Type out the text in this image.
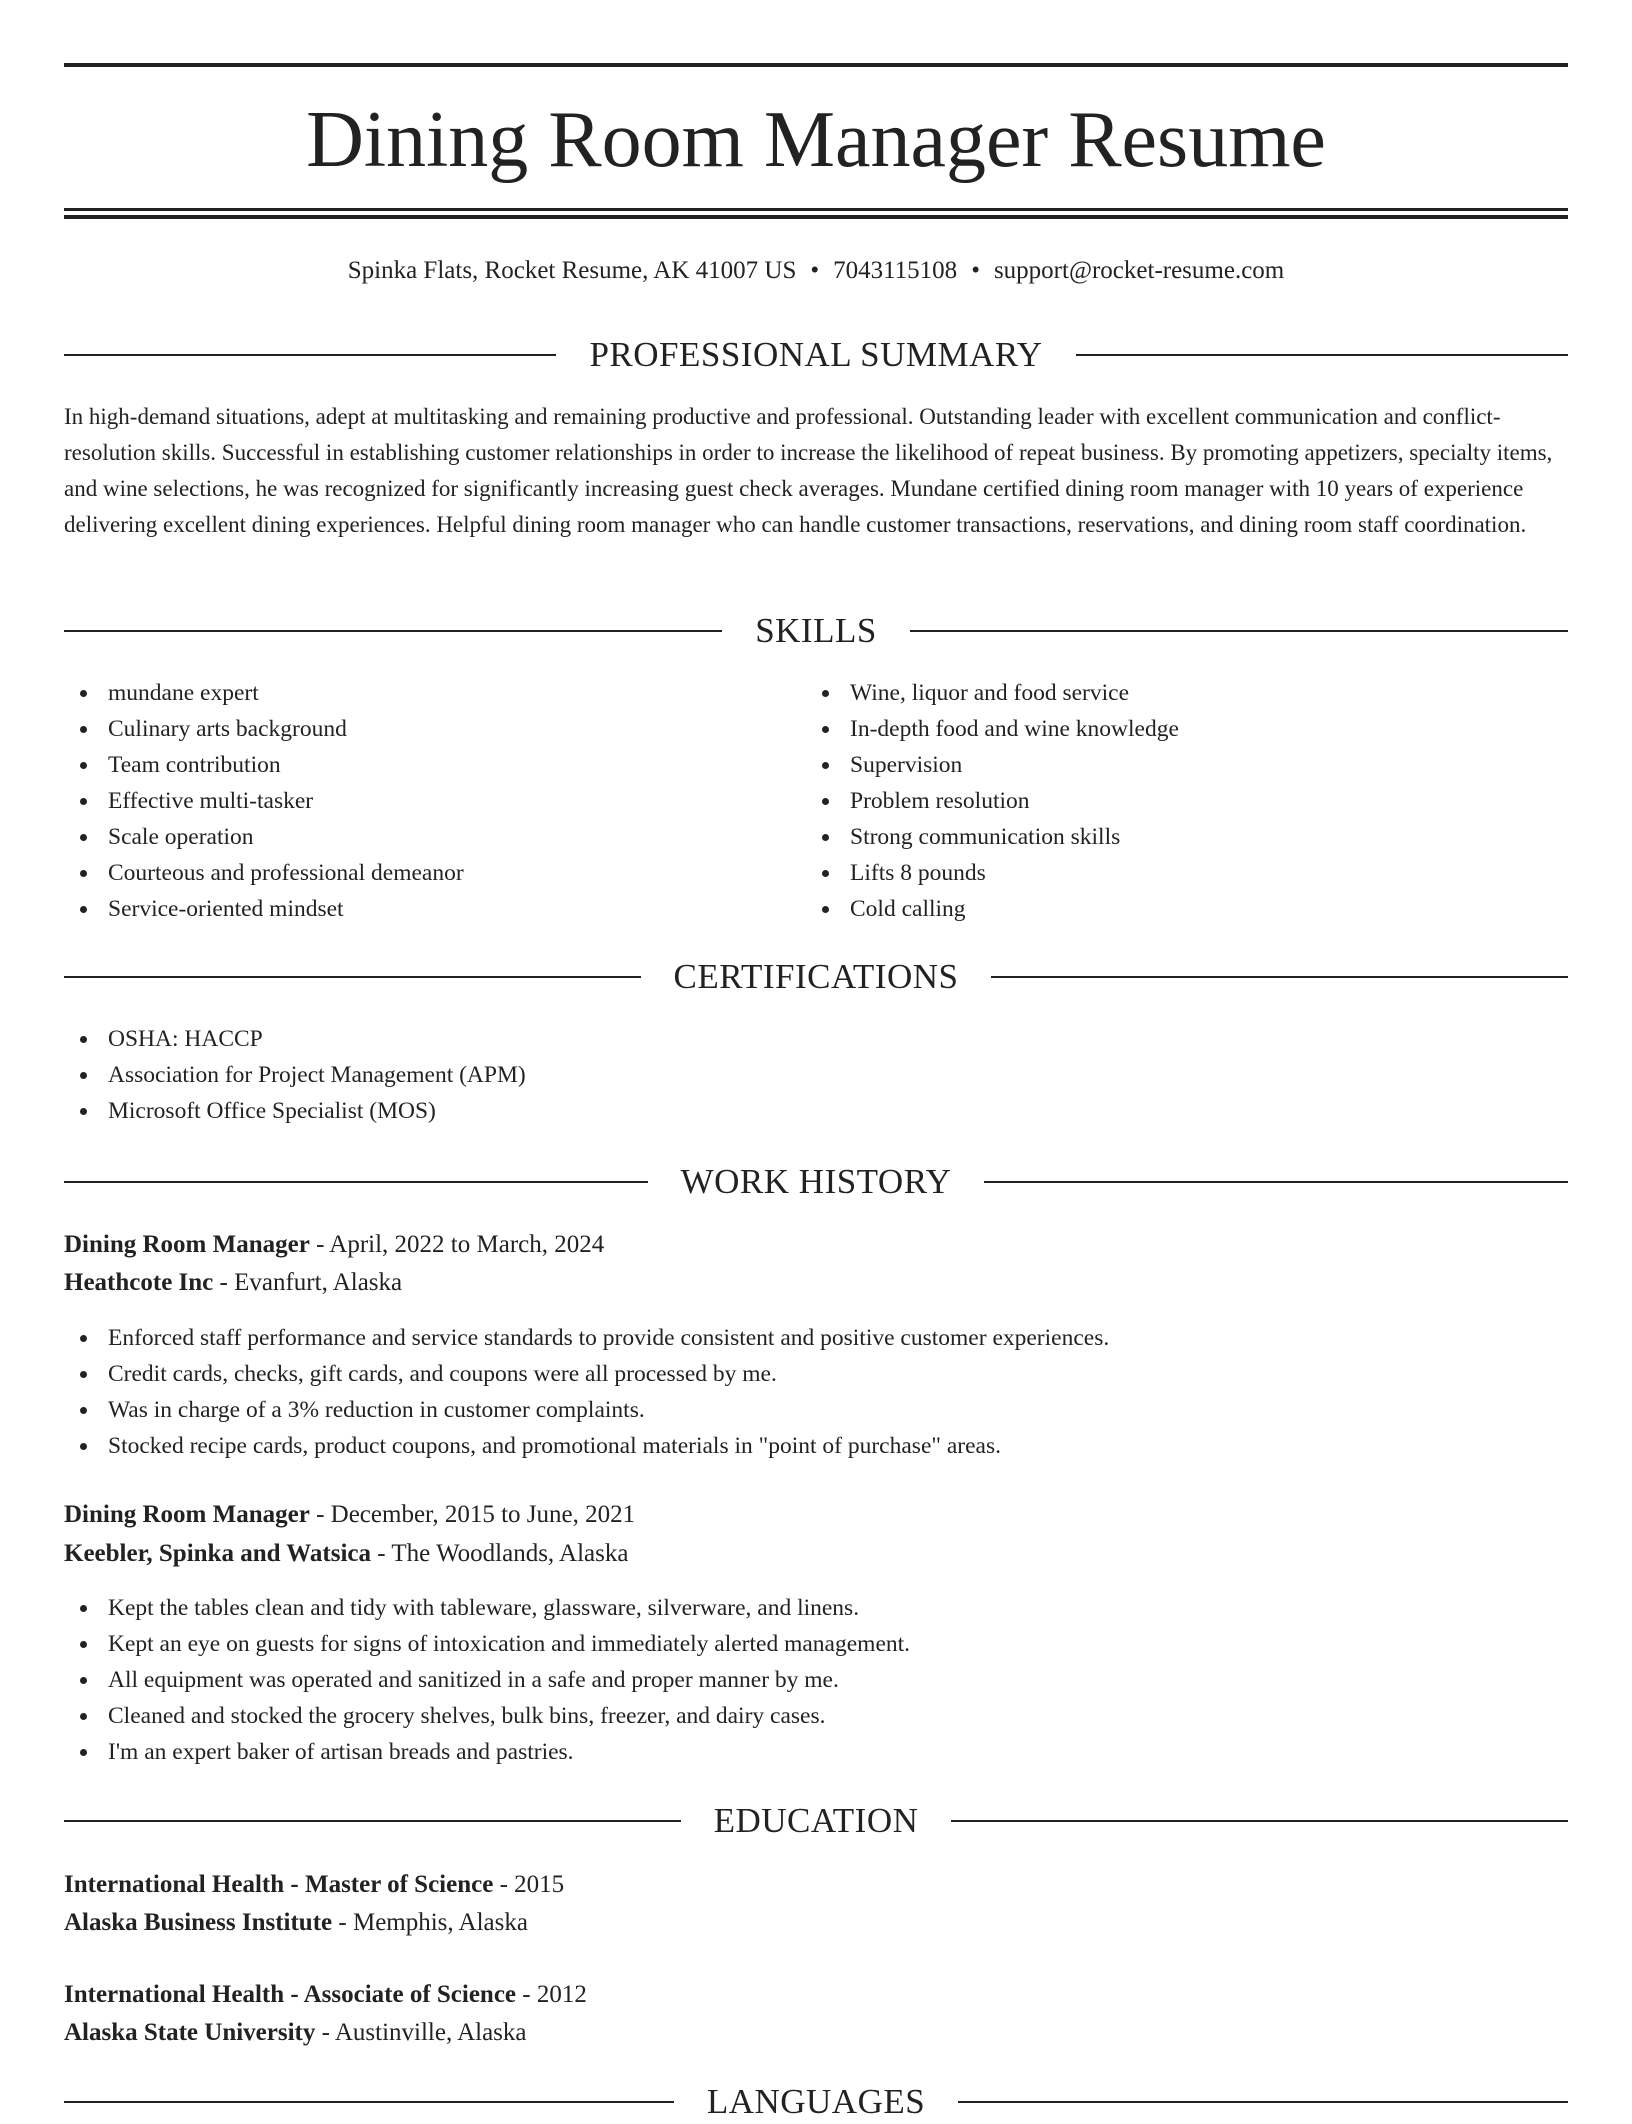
Dining Room Manager Resume
Spinka Flats, Rocket Resume, AK 41007 US • 7043115108 • support@rocket-resume.com
PROFESSIONAL SUMMARY

In high-demand situations, adept at multitasking and remaining productive and professional. Outstanding leader with excellent communication and conflict-resolution skills. Successful in establishing customer relationships in order to increase the likelihood of repeat business. By promoting appetizers, specialty items, and wine selections, he was recognized for significantly increasing guest check averages. Mundane certified dining room manager with 10 years of experience delivering excellent dining experiences. Helpful dining room manager who can handle customer transactions, reservations, and dining room staff coordination.

SKILLS
mundane expert
Culinary arts background
Team contribution
Effective multi-tasker
Scale operation
Courteous and professional demeanor
Service-oriented mindset
Wine, liquor and food service
In-depth food and wine knowledge
Supervision
Problem resolution
Strong communication skills
Lifts 8 pounds
Cold calling
CERTIFICATIONS
OSHA: HACCP
Association for Project Management (APM)
Microsoft Office Specialist (MOS)
WORK HISTORY
Dining Room Manager - April, 2022 to March, 2024
Heathcote Inc - Evanfurt, Alaska
Enforced staff performance and service standards to provide consistent and positive customer experiences.
Credit cards, checks, gift cards, and coupons were all processed by me.
Was in charge of a 3% reduction in customer complaints.
Stocked recipe cards, product coupons, and promotional materials in "point of purchase" areas.
Dining Room Manager - December, 2015 to June, 2021
Keebler, Spinka and Watsica - The Woodlands, Alaska
Kept the tables clean and tidy with tableware, glassware, silverware, and linens.
Kept an eye on guests for signs of intoxication and immediately alerted management.
All equipment was operated and sanitized in a safe and proper manner by me.
Cleaned and stocked the grocery shelves, bulk bins, freezer, and dairy cases.
I'm an expert baker of artisan breads and pastries.
EDUCATION
International Health - Master of Science - 2015
Alaska Business Institute - Memphis, Alaska
International Health - Associate of Science - 2012
Alaska State University - Austinville, Alaska
LANGUAGES
